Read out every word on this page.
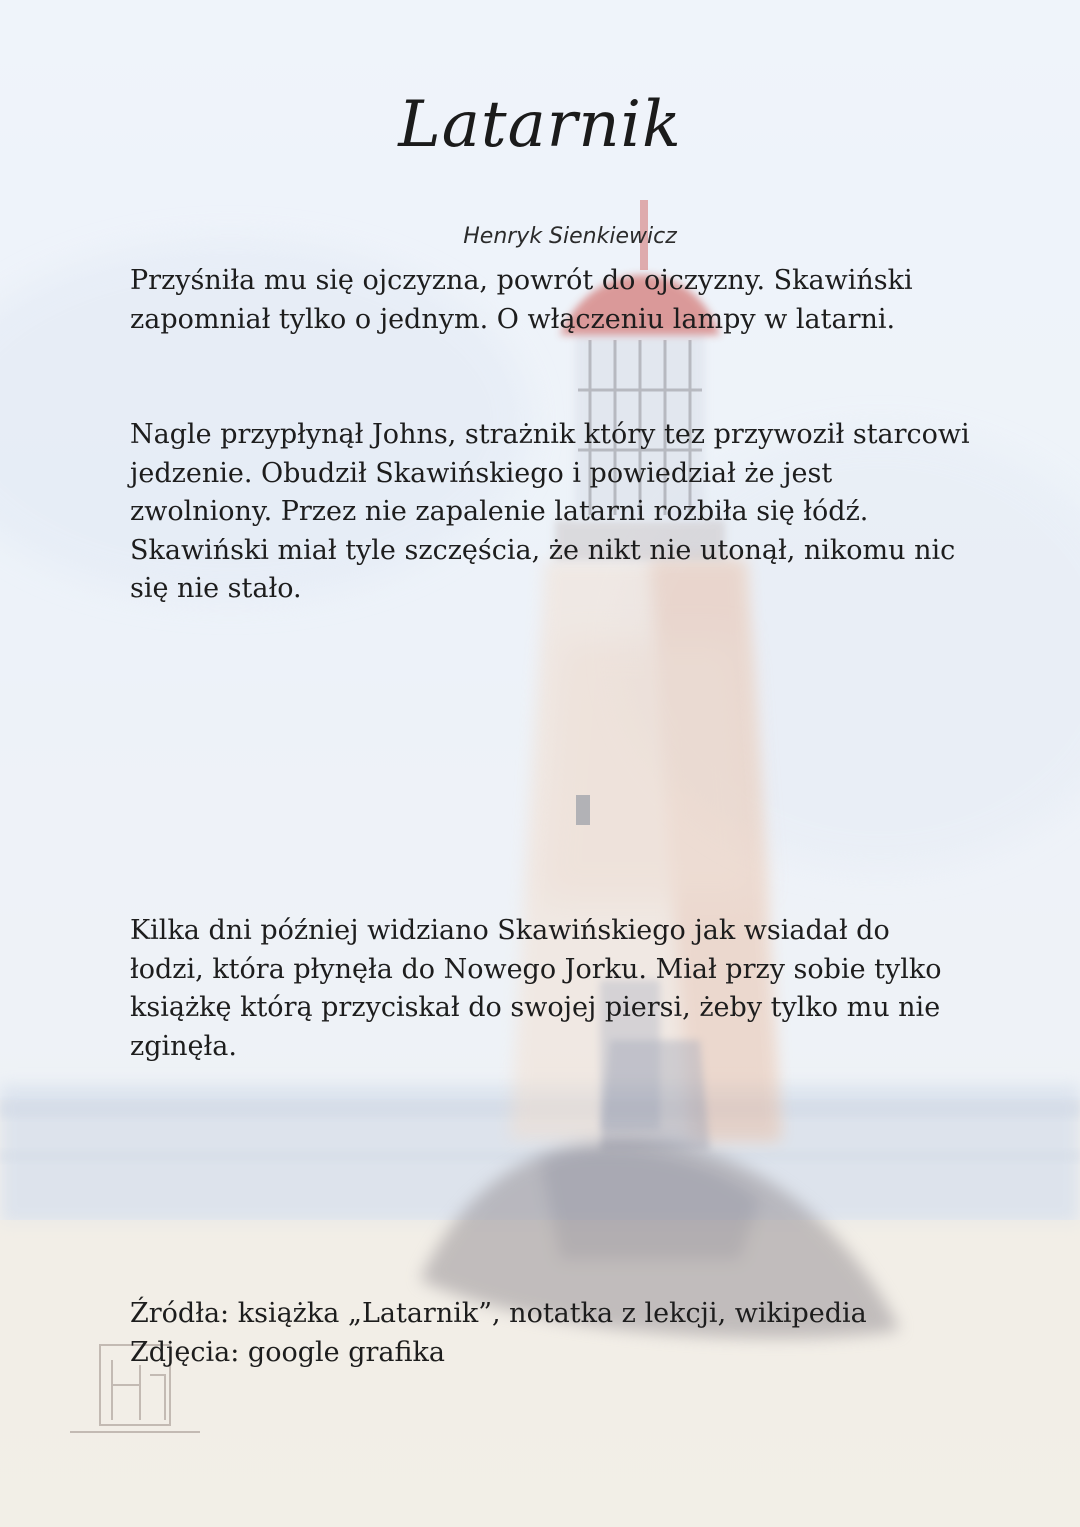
Latarnik
Henryk Sienkiewicz

Przyśniła mu się ojczyzna, powrót do ojczyzny. Skawiński zapomniał tylko o jednym. O włączeniu lampy w latarni.

Nagle przypłynął Johns, strażnik który tez przywoził starcowi jedzenie. Obudził Skawińskiego i powiedział że jest zwolniony. Przez nie zapalenie latarni rozbiła się łódź. Skawiński miał tyle szczęścia, że nikt nie utonął, nikomu nic się nie stało.

Kilka dni później widziano Skawińskiego jak wsiadał do łodzi, która płynęła do Nowego Jorku. Miał przy sobie tylko książkę którą przyciskał do swojej piersi, żeby tylko mu nie zginęła.

Źródła: książka „Latarnik”, notatka z lekcji, wikipedia
Zdjęcia: google grafika
